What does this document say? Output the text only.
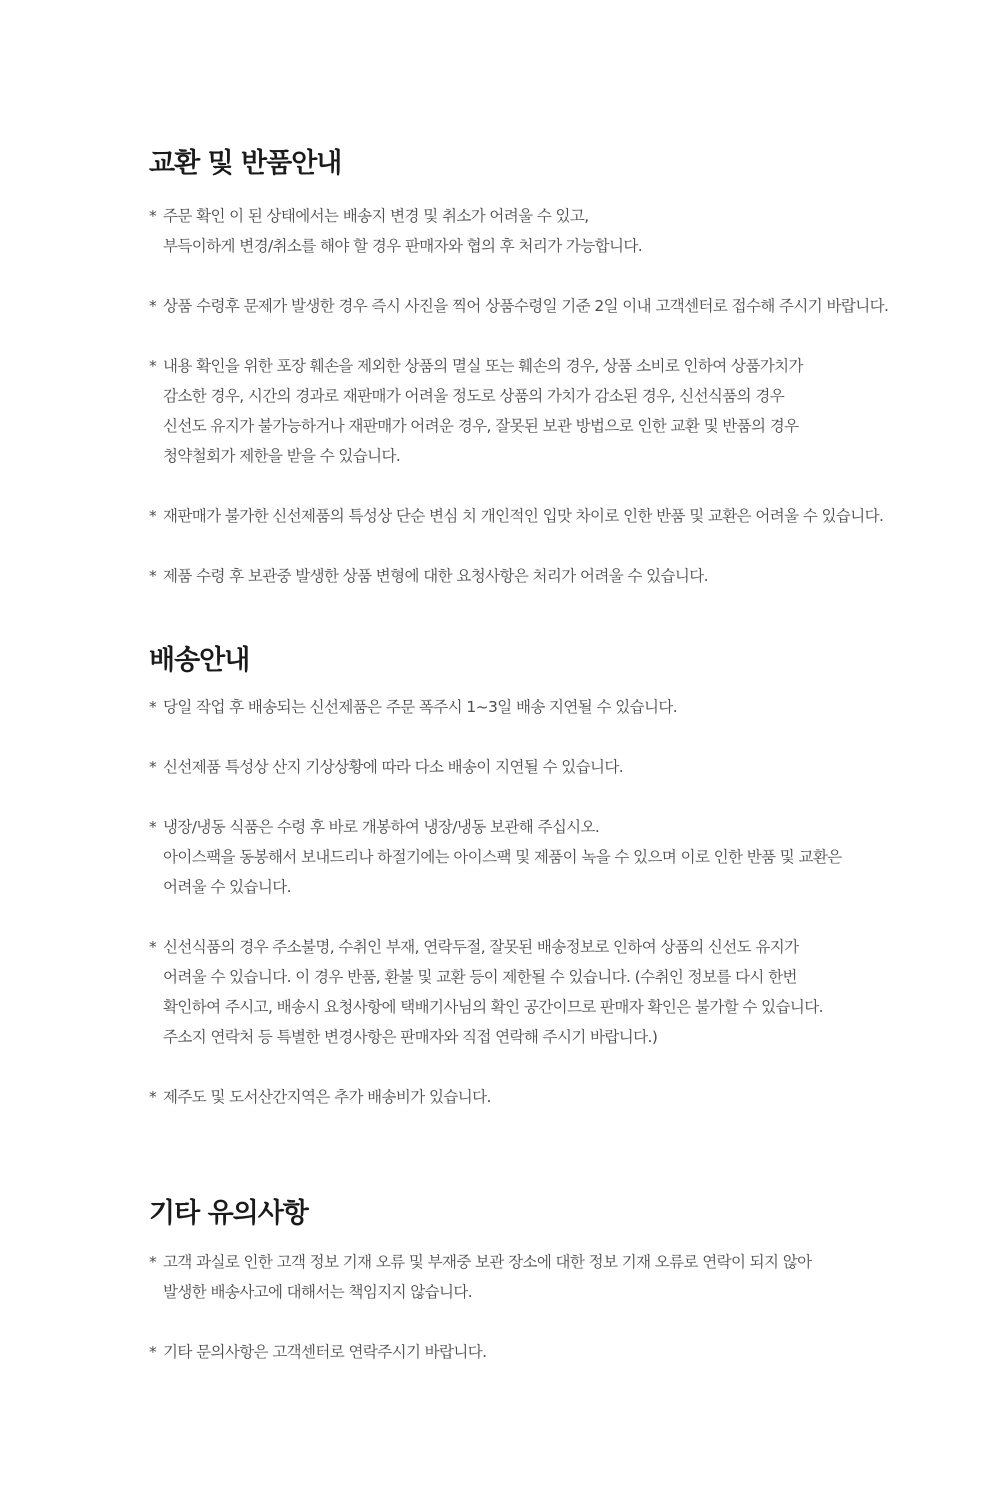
교환 및 반품안내
* 주문 확인 이 된 상태에서는 배송지 변경 및 취소가 어려울 수 있고,
부득이하게 변경/취소를 해야 할 경우 판매자와 협의 후 처리가 가능합니다.
* 상품 수령후 문제가 발생한 경우 즉시 사진을 찍어 상품수령일 기준 2일 이내 고객센터로 접수해 주시기 바랍니다.
* 내용 확인을 위한 포장 훼손을 제외한 상품의 멸실 또는 훼손의 경우, 상품 소비로 인하여 상품가치가
감소한 경우, 시간의 경과로 재판매가 어려울 정도로 상품의 가치가 감소된 경우, 신선식품의 경우
신선도 유지가 불가능하거나 재판매가 어려운 경우, 잘못된 보관 방법으로 인한 교환 및 반품의 경우
청약철회가 제한을 받을 수 있습니다.
* 재판매가 불가한 신선제품의 특성상 단순 변심 치 개인적인 입맛 차이로 인한 반품 및 교환은 어려울 수 있습니다.
* 제품 수령 후 보관중 발생한 상품 변형에 대한 요청사항은 처리가 어려울 수 있습니다.
배송안내
* 당일 작업 후 배송되는 신선제품은 주문 폭주시 1~3일 배송 지연될 수 있습니다.
* 신선제품 특성상 산지 기상상황에 따라 다소 배송이 지연될 수 있습니다.
* 냉장/냉동 식품은 수령 후 바로 개봉하여 냉장/냉동 보관해 주십시오.
아이스팩을 동봉해서 보내드리나 하절기에는 아이스팩 및 제품이 녹을 수 있으며 이로 인한 반품 및 교환은
어려울 수 있습니다.
* 신선식품의 경우 주소불명, 수취인 부재, 연락두절, 잘못된 배송정보로 인하여 상품의 신선도 유지가
어려울 수 있습니다. 이 경우 반품, 환불 및 교환 등이 제한될 수 있습니다. (수취인 정보를 다시 한번
확인하여 주시고, 배송시 요청사항에 택배기사님의 확인 공간이므로 판매자 확인은 불가할 수 있습니다.
주소지 연락처 등 특별한 변경사항은 판매자와 직접 연락해 주시기 바랍니다.)
* 제주도 및 도서산간지역은 추가 배송비가 있습니다.
기타 유의사항
* 고객 과실로 인한 고객 정보 기재 오류 및 부재중 보관 장소에 대한 정보 기재 오류로 연락이 되지 않아
발생한 배송사고에 대해서는 책임지지 않습니다.
* 기타 문의사항은 고객센터로 연락주시기 바랍니다.
